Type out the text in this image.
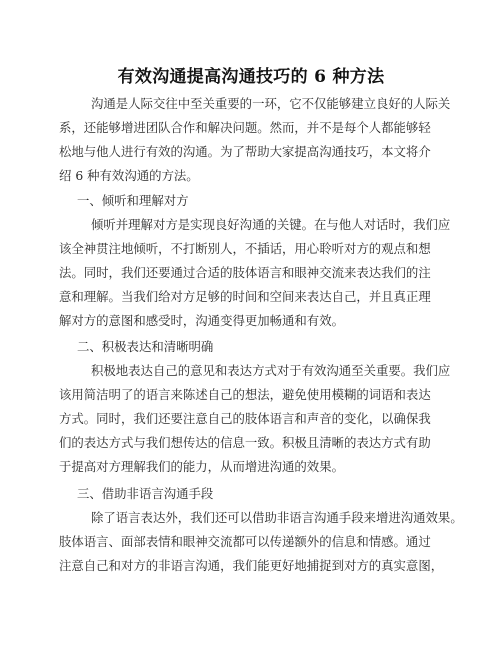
有效沟通提高沟通技巧的 6 种方法
沟通是人际交往中至关重要的一环，它不仅能够建立良好的人际关
系，还能够增进团队合作和解决问题。然而，并不是每个人都能够轻
松地与他人进行有效的沟通。为了帮助大家提高沟通技巧，本文将介
绍 6 种有效沟通的方法。
一、倾听和理解对方
倾听并理解对方是实现良好沟通的关键。在与他人对话时，我们应
该全神贯注地倾听，不打断别人，不插话，用心聆听对方的观点和想
法。同时，我们还要通过合适的肢体语言和眼神交流来表达我们的注
意和理解。当我们给对方足够的时间和空间来表达自己，并且真正理
解对方的意图和感受时，沟通变得更加畅通和有效。
二、积极表达和清晰明确
积极地表达自己的意见和表达方式对于有效沟通至关重要。我们应
该用简洁明了的语言来陈述自己的想法，避免使用模糊的词语和表达
方式。同时，我们还要注意自己的肢体语言和声音的变化，以确保我
们的表达方式与我们想传达的信息一致。积极且清晰的表达方式有助
于提高对方理解我们的能力，从而增进沟通的效果。
三、借助非语言沟通手段
除了语言表达外，我们还可以借助非语言沟通手段来增进沟通效果。
肢体语言、面部表情和眼神交流都可以传递额外的信息和情感。通过
注意自己和对方的非语言沟通，我们能更好地捕捉到对方的真实意图，
